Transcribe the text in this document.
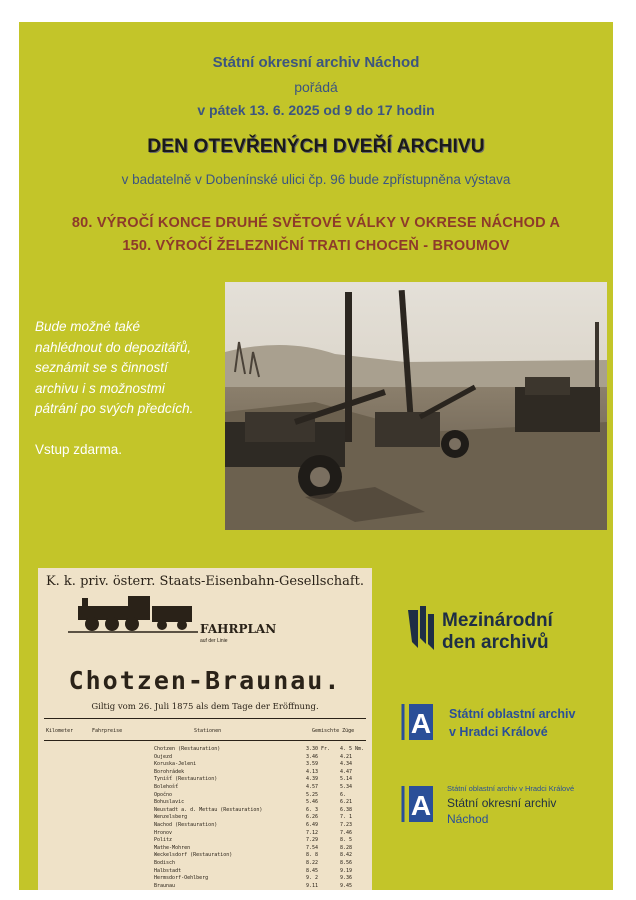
Státní okresní archiv Náchod
pořádá
v pátek 13. 6. 2025 od 9 do 17 hodin
DEN OTEVŘENÝCH DVEŘÍ ARCHIVU
v badatelně v Dobenínské ulici čp. 96 bude zpřístupněna výstava
80. VÝROČÍ KONCE DRUHÉ SVĚTOVÉ VÁLKY V OKRESE NÁCHOD A
150. VÝROČÍ ŽELEZNIČNÍ TRATI CHOCEŇ - BROUMOV
Bude možné také
nahlédnout do depozitářů,
seznámit se s činností
archivu i s možnostmi
pátrání po svých předcích.
Vstup zdarma.
K. k. priv. österr. Staats-Eisenbahn-Gesellschaft.
FAHRPLAN
auf der Linie
Chotzen-Braunau.
Giltig vom 26. Juli 1875 als dem Tage der Eröffnung.
Kilometer	Fahrpreise	Stationen	Gemischte Züge
Chotzen (Restauration)	3.30 Fr. 4. 5 Nm.
Oujezd	3.46	4.21
Koruska-Jeleni	3.59	4.34
Borohrádek	4.13	4.47
Tynišť (Restauration)	4.39	5.14
Bolehošť	4.57	5.34
Opočno	5.25	6.
Bohuslavic	5.46	6.21
Neustadt a. d. Mettau (Restauration)	6. 3	6.38
Wenzelsberg	6.26	7. 1
Nachod (Restauration)	6.49	7.23
Hronov	7.12	7.46
Politz	7.29	8. 5
Mathe-Mohren	7.54	8.28
Weckelsdorf (Restauration)	8. 8	8.42
Bodisch	8.22	8.56
Halbstadt	8.45	9.19
Hermsdorf-Oehlberg	9. 2	9.36
Braunau	9.11	9.45
Mezinárodní
den archivů
A Státní oblastní archiv
v Hradci Králové
A
Státní oblastní archiv v Hradci Králové
Státní okresní archiv
Náchod
